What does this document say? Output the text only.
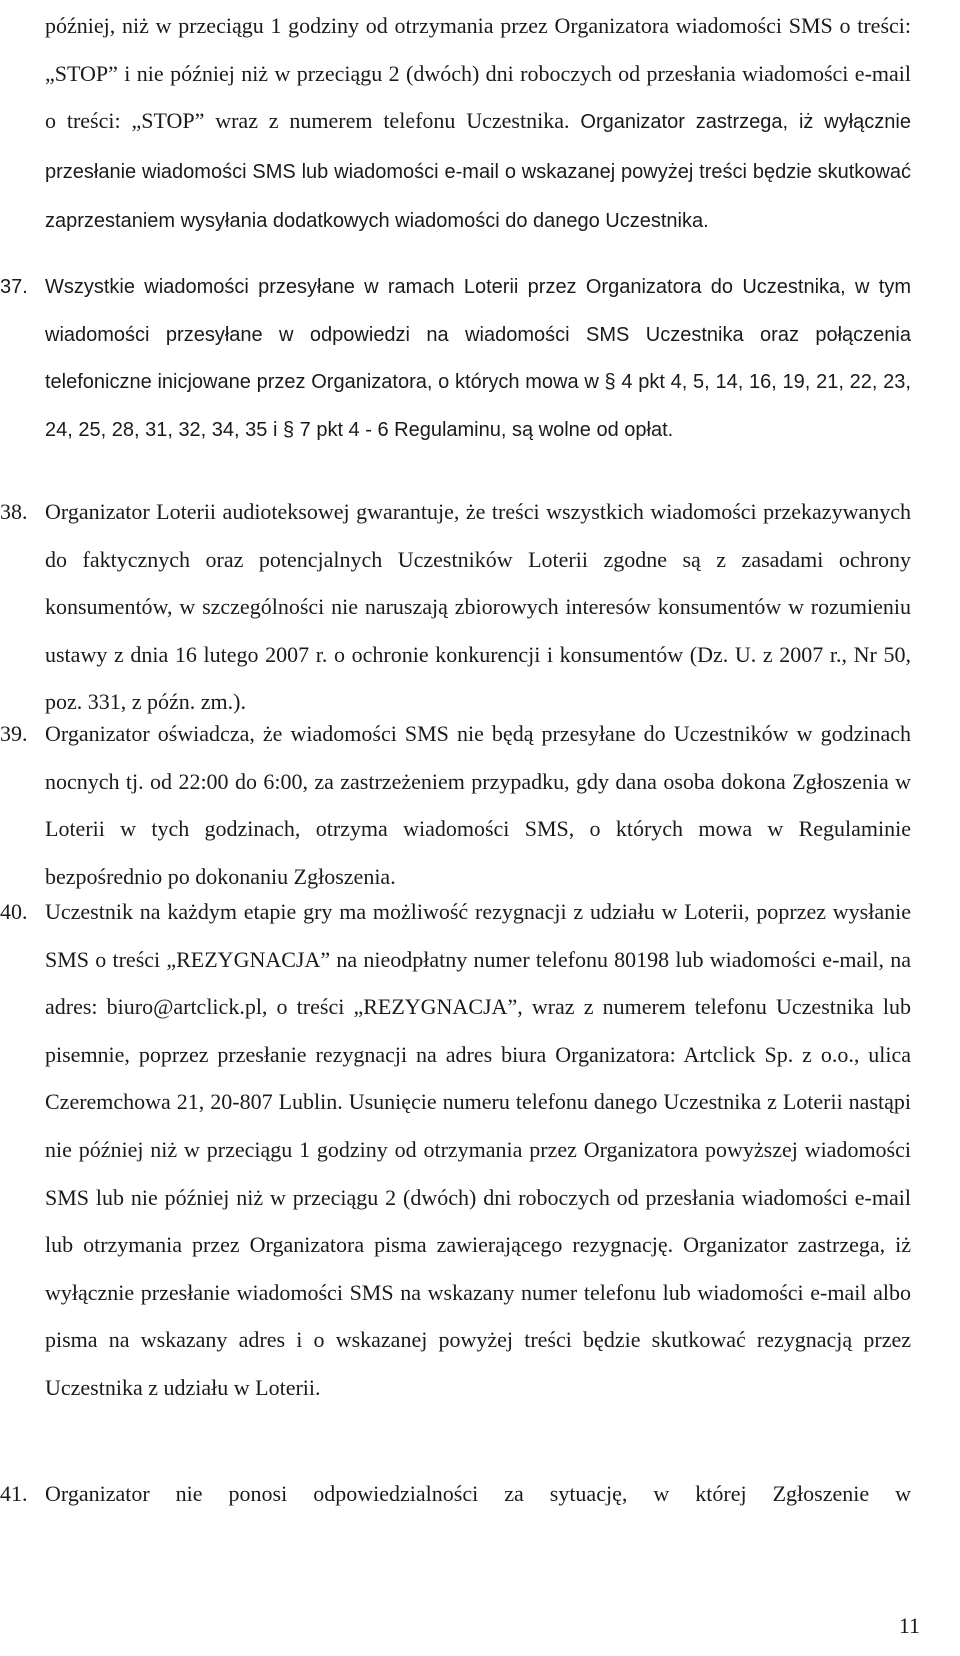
później, niż w przeciągu 1 godziny od otrzymania przez Organizatora wiadomości SMS o treści: „STOP” i nie później niż w przeciągu 2 (dwóch) dni roboczych od przesłania wiadomości e-mail o treści: „STOP” wraz z numerem telefonu Uczestnika. Organizator zastrzega, iż wyłącznie przesłanie wiadomości SMS lub wiadomości e-mail o wskazanej powyżej treści będzie skutkować zaprzestaniem wysyłania dodatkowych wiadomości do danego Uczestnika.

37. Wszystkie wiadomości przesyłane w ramach Loterii przez Organizatora do Uczestnika, w tym wiadomości przesyłane w odpowiedzi na wiadomości SMS Uczestnika oraz połączenia telefoniczne inicjowane przez Organizatora, o których mowa w § 4 pkt 4, 5, 14, 16, 19, 21, 22, 23, 24, 25, 28, 31, 32, 34, 35 i § 7 pkt 4 - 6 Regulaminu, są wolne od opłat.
38. Organizator Loterii audioteksowej gwarantuje, że treści wszystkich wiadomości przekazywanych do faktycznych oraz potencjalnych Uczestników Loterii zgodne są z zasadami ochrony konsumentów, w szczególności nie naruszają zbiorowych interesów konsumentów w rozumieniu ustawy z dnia 16 lutego 2007 r. o ochronie konkurencji i konsumentów (Dz. U. z 2007 r., Nr 50, poz. 331, z późn. zm.).
39. Organizator oświadcza, że wiadomości SMS nie będą przesyłane do Uczestników w godzinach nocnych tj. od 22:00 do 6:00, za zastrzeżeniem przypadku, gdy dana osoba dokona Zgłoszenia w Loterii w tych godzinach, otrzyma wiadomości SMS, o których mowa w Regulaminie bezpośrednio po dokonaniu Zgłoszenia.
40. Uczestnik na każdym etapie gry ma możliwość rezygnacji z udziału w Loterii, poprzez wysłanie SMS o treści „REZYGNACJA” na nieodpłatny numer telefonu 80198 lub wiadomości e-mail, na adres: biuro@artclick.pl, o treści „REZYGNACJA”, wraz z numerem telefonu Uczestnika lub pisemnie, poprzez przesłanie rezygnacji na adres biura Organizatora: Artclick Sp. z o.o., ulica Czeremchowa 21, 20-807 Lublin. Usunięcie numeru telefonu danego Uczestnika z Loterii nastąpi nie później niż w przeciągu 1 godziny od otrzymania przez Organizatora powyższej wiadomości SMS lub nie później niż w przeciągu 2 (dwóch) dni roboczych od przesłania wiadomości e-mail lub otrzymania przez Organizatora pisma zawierającego rezygnację. Organizator zastrzega, iż wyłącznie przesłanie wiadomości SMS na wskazany numer telefonu lub wiadomości e-mail albo pisma na wskazany adres i o wskazanej powyżej treści będzie skutkować rezygnacją przez Uczestnika z udziału w Loterii.
41. Organizator nie ponosi odpowiedzialności za sytuację, w której Zgłoszenie w
11
